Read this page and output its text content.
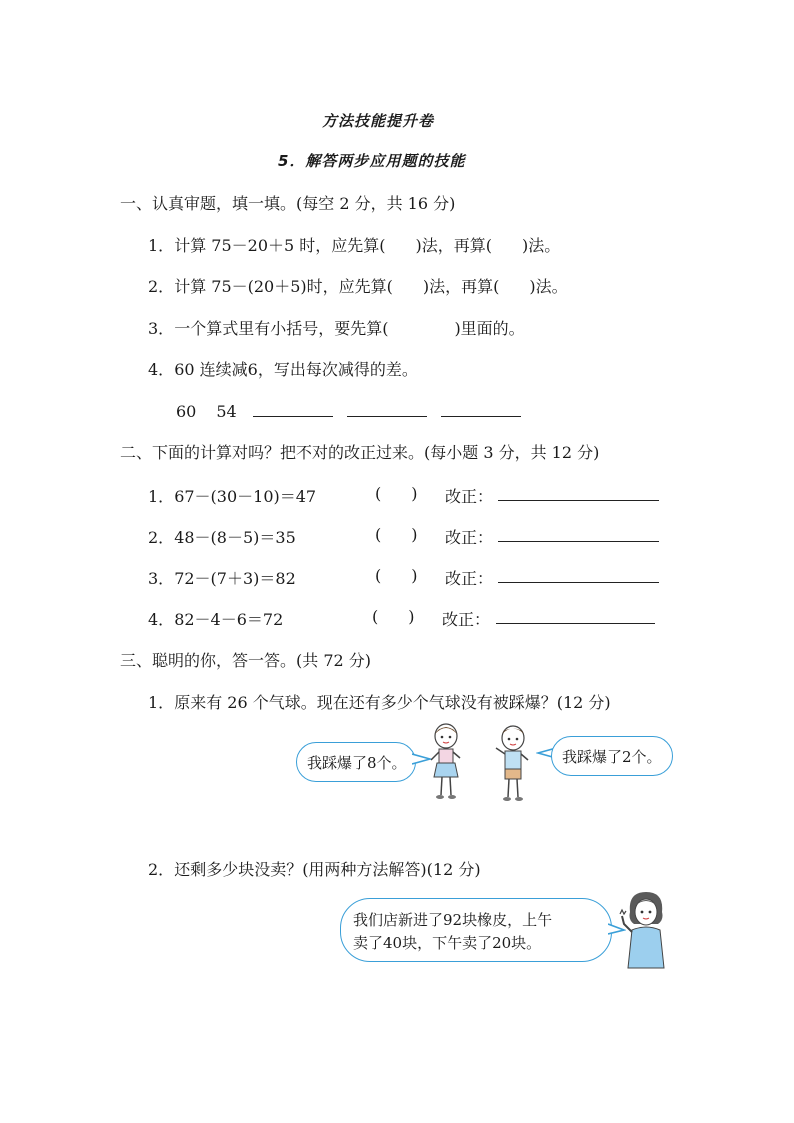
方法技能提升卷
5．解答两步应用题的技能
一、认真审题，填一填。(每空 2 分，共 16 分)
1．计算 75－20＋5 时，应先算( )法，再算( )法。
2．计算 75－(20＋5)时，应先算( )法，再算( )法。
3．一个算式里有小括号，要先算(	)里面的。
4．60 连续减6，写出每次减得的差。
60 54
二、下面的计算对吗？把不对的改正过来。(每小题 3 分，共 12 分)
1．67－(30－10)＝47	( ) 改正：
2．48－(8－5)＝35	( ) 改正：
3．72－(7＋3)＝82	( ) 改正：
4．82－4－6＝72	( ) 改正：
三、聪明的你，答一答。(共 72 分)
1．原来有 26 个气球。现在还有多少个气球没有被踩爆？(12 分)
我踩爆了8个。	我踩爆了2个。
2．还剩多少块没卖？(用两种方法解答)(12 分)
我们店新进了92块橡皮，上午
卖了40块，下午卖了20块。
